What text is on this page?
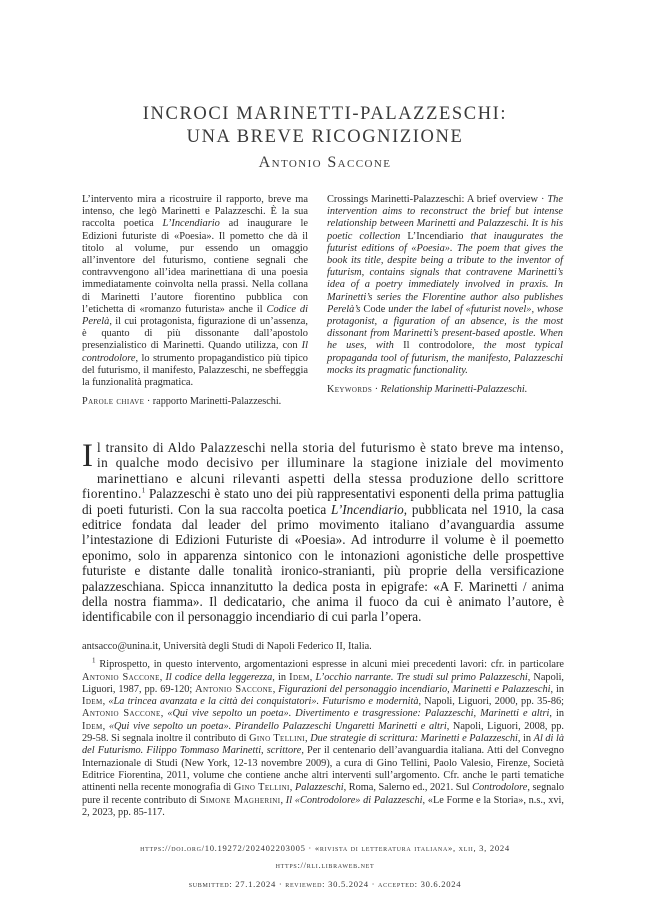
INCROCI MARINETTI-PALAZZESCHI:
UNA BREVE RICOGNIZIONE
Antonio Saccone

L’intervento mira a ricostruire il rapporto, breve ma intenso, che legò Marinetti e Palazzeschi. È la sua raccolta poetica L’Incendiario ad inaugurare le Edizioni futuriste di «Poesia». Il pometto che dà il titolo al volume, pur essendo un omaggio all’inventore del futurismo, contiene segnali che contravvengono all’idea marinettiana di una poesia immediatamente coinvolta nella prassi. Nella collana di Marinetti l’autore fiorentino pubblica con l’etichetta di «romanzo futurista» anche il Codice di Perelà, il cui protagonista, figurazione di un’assenza, è quanto di più dissonante dall’apostolo presenzialistico di Marinetti. Quando utilizza, con Il controdolore, lo strumento propagandistico più tipico del futurismo, il manifesto, Palazzeschi, ne sbeffeggia la funzionalità pragmatica.

Parole chiave · rapporto Marinetti-Palazzeschi.

Crossings Marinetti-Palazzeschi: A brief overview · The intervention aims to reconstruct the brief but intense relationship between Marinetti and Palazzeschi. It is his poetic collection L’Incendiario that inaugurates the futurist editions of «Poesia». The poem that gives the book its title, despite being a tribute to the inventor of futurism, contains signals that contravene Marinetti’s idea of a poetry immediately involved in praxis. In Marinetti’s series the Florentine author also publishes Perelà’s Code under the label of «futurist novel», whose protagonist, a figuration of an absence, is the most dissonant from Marinetti’s present-based apostle. When he uses, with Il controdolore, the most typical propaganda tool of futurism, the manifesto, Palazzeschi mocks its pragmatic functionality.

Keywords · Relationship Marinetti-Palazzeschi.

Il transito di Aldo Palazzeschi nella storia del futurismo è stato breve ma intenso, in qualche modo decisivo per illuminare la stagione iniziale del movimento marinettiano e alcuni rilevanti aspetti della stessa produzione dello scrittore fiorentino.$^1$ Palazzeschi è stato uno dei più rappresentativi esponenti della prima pattuglia di poeti futuristi. Con la sua raccolta poetica L’Incendiario, pubblicata nel 1910, la casa editrice fondata dal leader del primo movimento italiano d’avanguardia assume l’intestazione di Edizioni Futuriste di «Poesia». Ad introdurre il volume è il poemetto eponimo, solo in apparenza sintonico con le intonazioni agonistiche delle prospettive futuriste e distante dalle tonalità ironico-stranianti, più proprie della versificazione palazzeschiana. Spicca innanzitutto la dedica posta in epigrafe: «A F. Marinetti / anima della nostra fiamma». Il dedicatario, che anima il fuoco da cui è animato l’autore, è identificabile con il personaggio incendiario di cui parla l’opera.

antsacco@unina.it, Università degli Studi di Napoli Federico II, Italia.

$^1$ Riprospetto, in questo intervento, argomentazioni espresse in alcuni miei precedenti lavori: cfr. in particolare Antonio Saccone, Il codice della leggerezza, in Idem, L’occhio narrante. Tre studi sul primo Palazzeschi, Napoli, Liguori, 1987, pp. 69-120; Antonio Saccone, Figurazioni del personaggio incendiario, Marinetti e Palazzeschi, in Idem, «La trincea avanzata e la città dei conquistatori». Futurismo e modernità, Napoli, Liguori, 2000, pp. 35-86; Antonio Saccone, «Qui vive sepolto un poeta». Divertimento e trasgressione: Palazzeschi, Marinetti e altri, in Idem, «Qui vive sepolto un poeta». Pirandello Palazzeschi Ungaretti Marinetti e altri, Napoli, Liguori, 2008, pp. 29-58. Si segnala inoltre il contributo di Gino Tellini, Due strategie di scrittura: Marinetti e Palazzeschi, in Al di là del Futurismo. Filippo Tommaso Marinetti, scrittore, Per il centenario dell’avanguardia italiana. Atti del Convegno Internazionale di Studi (New York, 12-13 novembre 2009), a cura di Gino Tellini, Paolo Valesio, Firenze, Società Editrice Fiorentina, 2011, volume che contiene anche altri interventi sull’argomento. Cfr. anche le parti tematiche attinenti nella recente monografia di Gino Tellini, Palazzeschi, Roma, Salerno ed., 2021. Sul Controdolore, segnalo pure il recente contributo di Simone Magherini, Il «Controdolore» di Palazzeschi, «Le Forme e la Storia», n.s., xvi, 2, 2023, pp. 85-117.

https://doi.org/10.19272/202402203005 · «rivista di letteratura italiana», xlii, 3, 2024
https://rli.libraweb.net
submitted: 27.1.2024 · reviewed: 30.5.2024 · accepted: 30.6.2024
